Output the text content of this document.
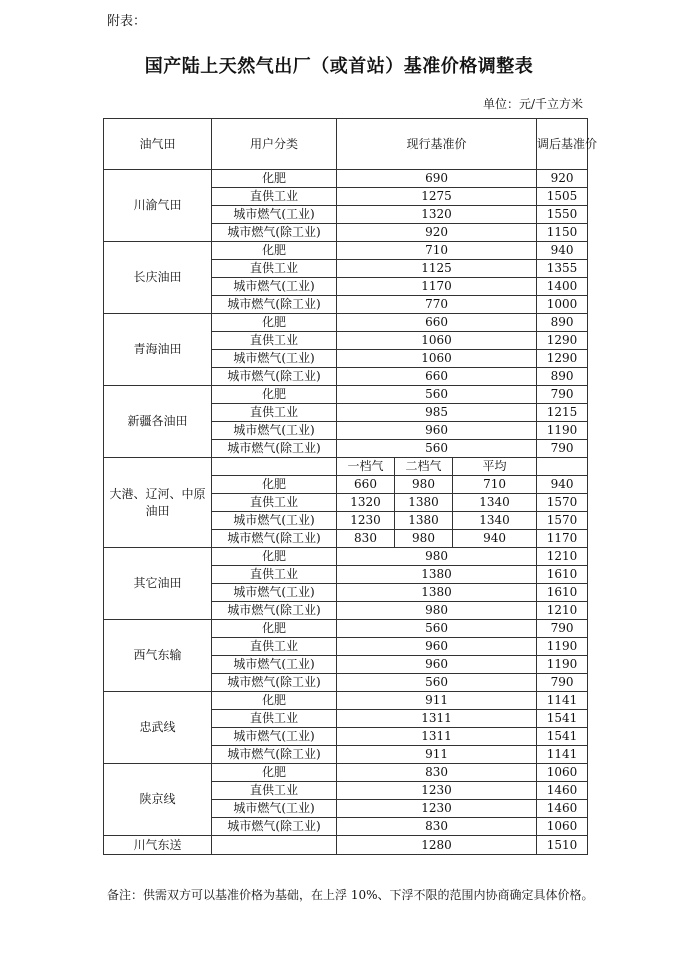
附表：
国产陆上天然气出厂（或首站）基准价格调整表
单位：元/千立方米
油气田	用户分类	现行基准价			调后基准价
川渝气田	化肥	690			920
	直供工业	1275			1505
	城市燃气(工业)	1320			1550
	城市燃气(除工业)	920			1150
长庆油田	化肥	710			940
	直供工业	1125			1355
	城市燃气(工业)	1170			1400
	城市燃气(除工业)	770			1000
青海油田	化肥	660			890
	直供工业	1060			1290
	城市燃气(工业)	1060			1290
	城市燃气(除工业)	660			890
新疆各油田	化肥	560			790
	直供工业	985			1215
	城市燃气(工业)	960			1190
	城市燃气(除工业)	560			790
大港、辽河、中原油田		一档气	二档气	平均	
	化肥	660	980	710	940
	直供工业	1320	1380	1340	1570
	城市燃气(工业)	1230	1380	1340	1570
	城市燃气(除工业)	830	980	940	1170
其它油田	化肥	980			1210
	直供工业	1380			1610
	城市燃气(工业)	1380			1610
	城市燃气(除工业)	980			1210
西气东输	化肥	560			790
	直供工业	960			1190
	城市燃气(工业)	960			1190
	城市燃气(除工业)	560			790
忠武线	化肥	911			1141
	直供工业	1311			1541
	城市燃气(工业)	1311			1541
	城市燃气(除工业)	911			1141
陕京线	化肥	830			1060
	直供工业	1230			1460
	城市燃气(工业)	1230			1460
	城市燃气(除工业)	830			1060
川气东送		1280			1510
备注：供需双方可以基准价格为基础，在上浮 10%、下浮不限的范围内协商确定具体价格。
